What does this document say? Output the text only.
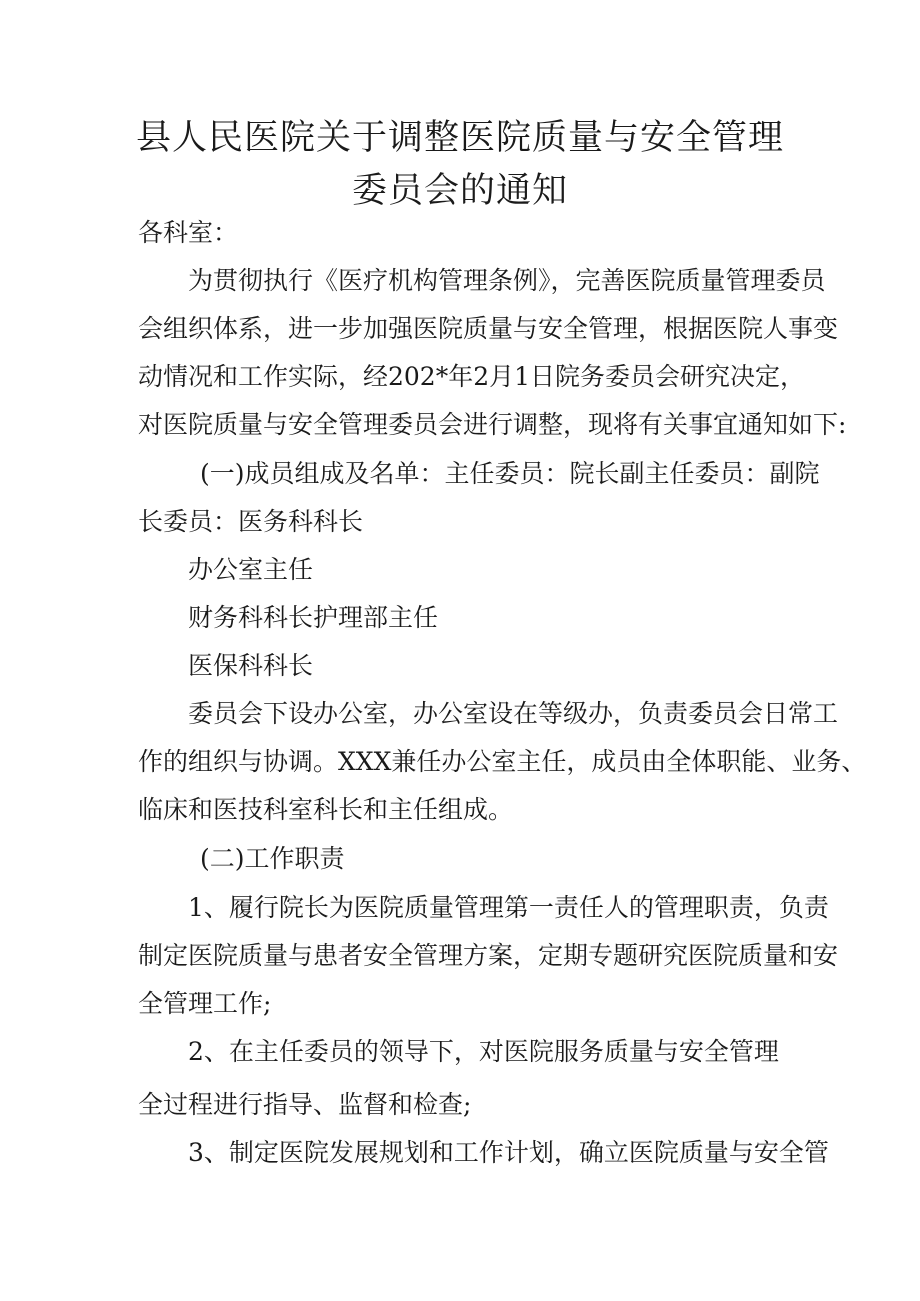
县人民医院关于调整医院质量与安全管理
委员会的通知

各科室：

为贯彻执行《医疗机构管理条例》，完善医院质量管理委员

会组织体系，进一步加强医院质量与安全管理，根据医院人事变

动情况和工作实际，经202*年2月1日院务委员会研究决定，

对医院质量与安全管理委员会进行调整，现将有关事宜通知如下:

(一)成员组成及名单：主任委员：院长副主任委员：副院

长委员：医务科科长

办公室主任

财务科科长护理部主任

医保科科长

委员会下设办公室，办公室设在等级办，负责委员会日常工

作的组织与协调。XXX兼任办公室主任，成员由全体职能、业务、

临床和医技科室科长和主任组成。

(二)工作职责

1、履行院长为医院质量管理第一责任人的管理职责，负责

制定医院质量与患者安全管理方案，定期专题研究医院质量和安

全管理工作;

2、在主任委员的领导下，对医院服务质量与安全管理

全过程进行指导、监督和检查;

3、制定医院发展规划和工作计划，确立医院质量与安全管
